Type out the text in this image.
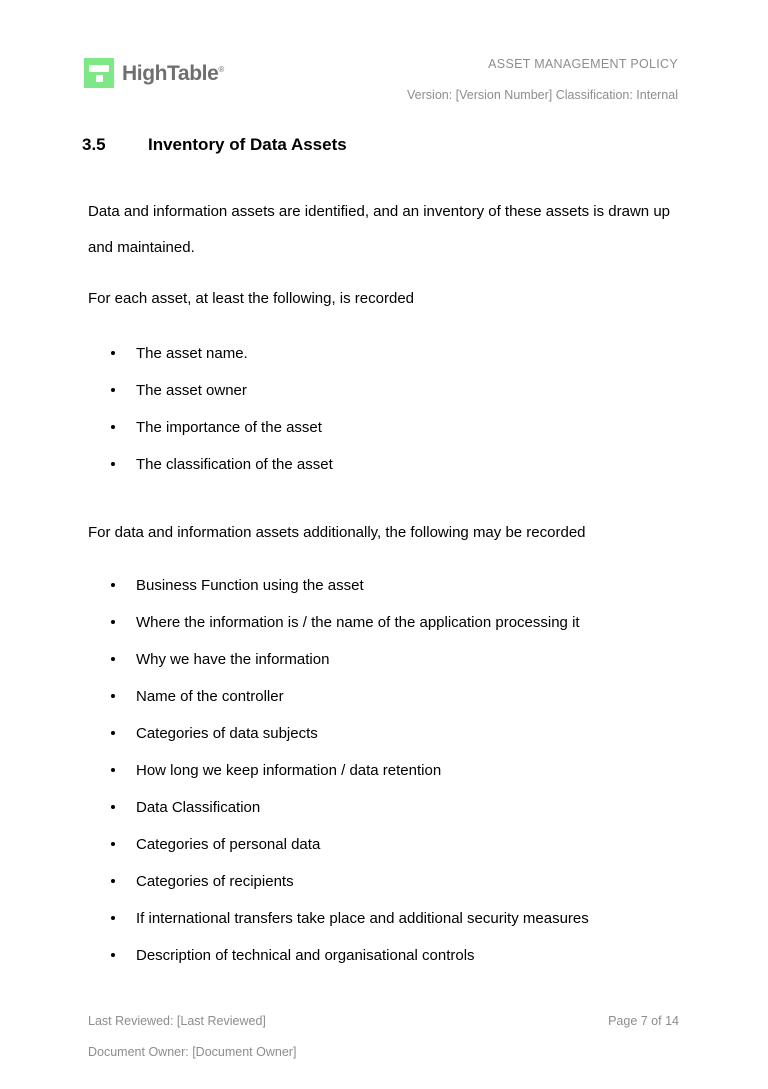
HighTable®	ASSET MANAGEMENT POLICY
Version: [Version Number] Classification: Internal
3.5	Inventory of Data Assets

Data and information assets are identified, and an inventory of these assets is drawn up and maintained.

For each asset, at least the following, is recorded

The asset name.
The asset owner
The importance of the asset
The classification of the asset

For data and information assets additionally, the following may be recorded

Business Function using the asset
Where the information is / the name of the application processing it
Why we have the information
Name of the controller
Categories of data subjects
How long we keep information / data retention
Data Classification
Categories of personal data
Categories of recipients
If international transfers take place and additional security measures
Description of technical and organisational controls
Last Reviewed: [Last Reviewed]	Page 7 of 14
Document Owner: [Document Owner]
